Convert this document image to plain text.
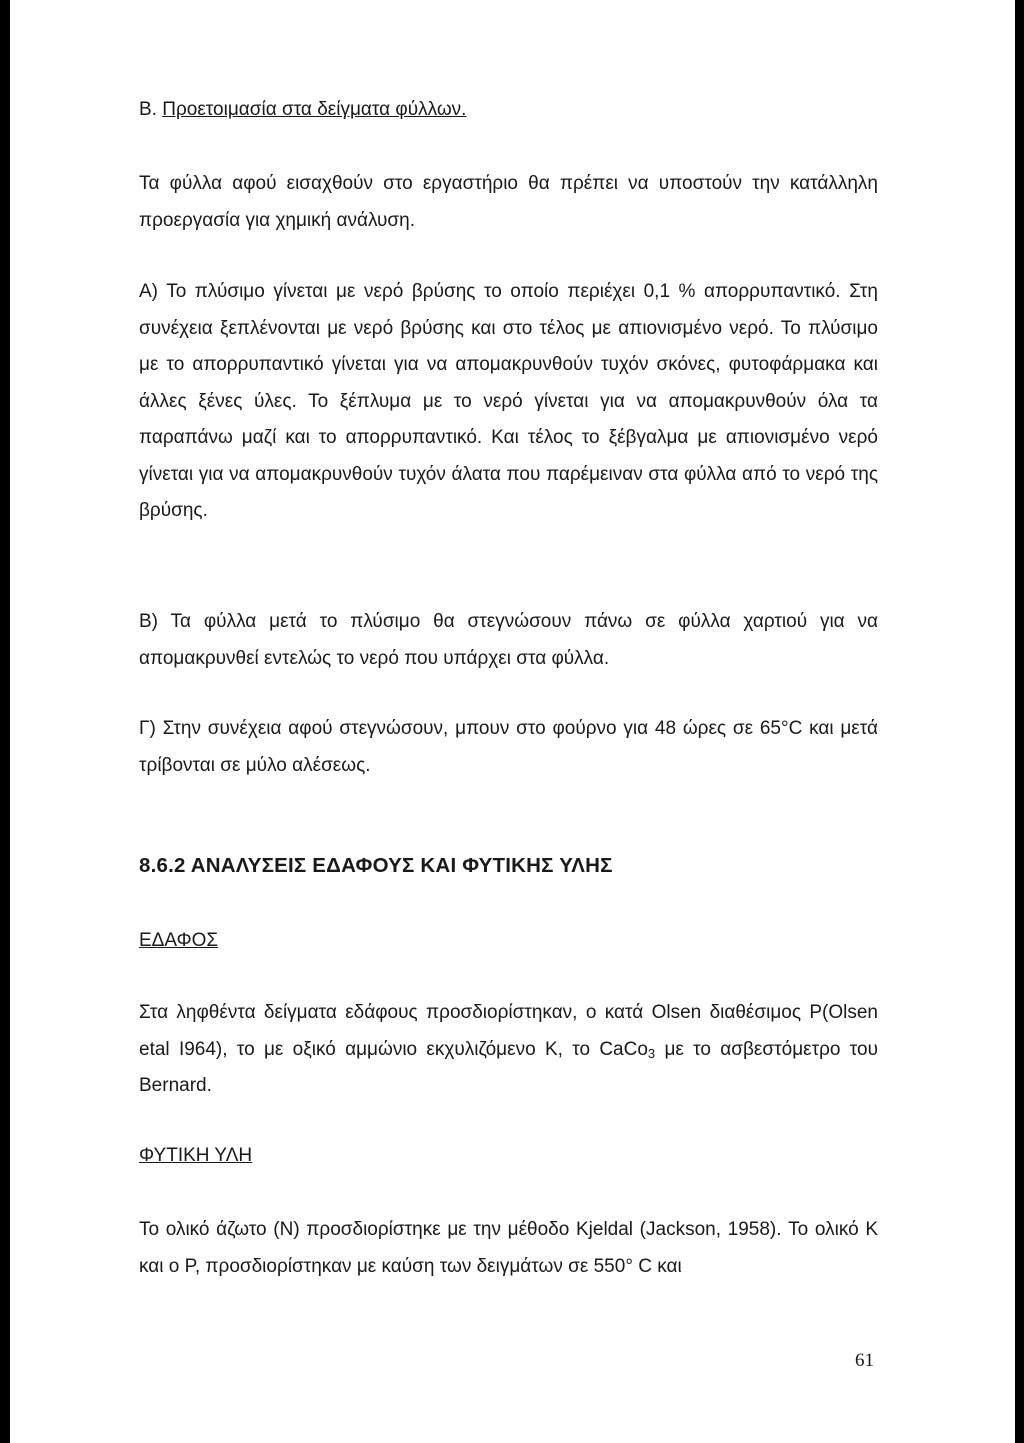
B. Προετοιμασία στα δείγματα φύλλων.

Τα φύλλα αφού εισαχθούν στο εργαστήριο θα πρέπει να υποστούν την κατάλληλη προεργασία για χημική ανάλυση.

Α) Το πλύσιμο γίνεται με νερό βρύσης το οποίο περιέχει 0,1 % απορρυπαντικό. Στη συνέχεια ξεπλένονται με νερό βρύσης και στο τέλος με απιονισμένο νερό. Το πλύσιμο με το απορρυπαντικό γίνεται για να απομακρυνθούν τυχόν σκόνες, φυτοφάρμακα και άλλες ξένες ύλες. Το ξέπλυμα με το νερό γίνεται για να απομακρυνθούν όλα τα παραπάνω μαζί και το απορρυπαντικό. Και τέλος το ξέβγαλμα με απιονισμένο νερό γίνεται για να απομακρυνθούν τυχόν άλατα που παρέμειναν στα φύλλα από το νερό της βρύσης.

Β) Τα φύλλα μετά το πλύσιμο θα στεγνώσουν πάνω σε φύλλα χαρτιού για να απομακρυνθεί εντελώς το νερό που υπάρχει στα φύλλα.

Γ) Στην συνέχεια αφού στεγνώσουν, μπουν στο φούρνο για 48 ώρες σε 65°C και μετά τρίβονται σε μύλο αλέσεως.

8.6.2 ΑΝΑΛΥΣΕΙΣ ΕΔΑΦΟΥΣ ΚΑΙ ΦΥΤΙΚΗΣ ΥΛΗΣ

ΕΔΑΦΟΣ

Στα ληφθέντα δείγματα εδάφους προσδιορίστηκαν, ο κατά Olsen διαθέσιμος P(Olsen etal I964), το με οξικό αμμώνιο εκχυλιζόμενο Κ, το CaCo$_3$ με το ασβεστόμετρο του Bernard.

ΦΥΤΙΚΗ ΥΛΗ

Το ολικό άζωτο (Ν) προσδιορίστηκε με την μέθοδο Kjeldal (Jackson, 1958). Το ολικό Κ και ο Ρ, προσδιορίστηκαν με καύση των δειγμάτων σε 550° C και

61
